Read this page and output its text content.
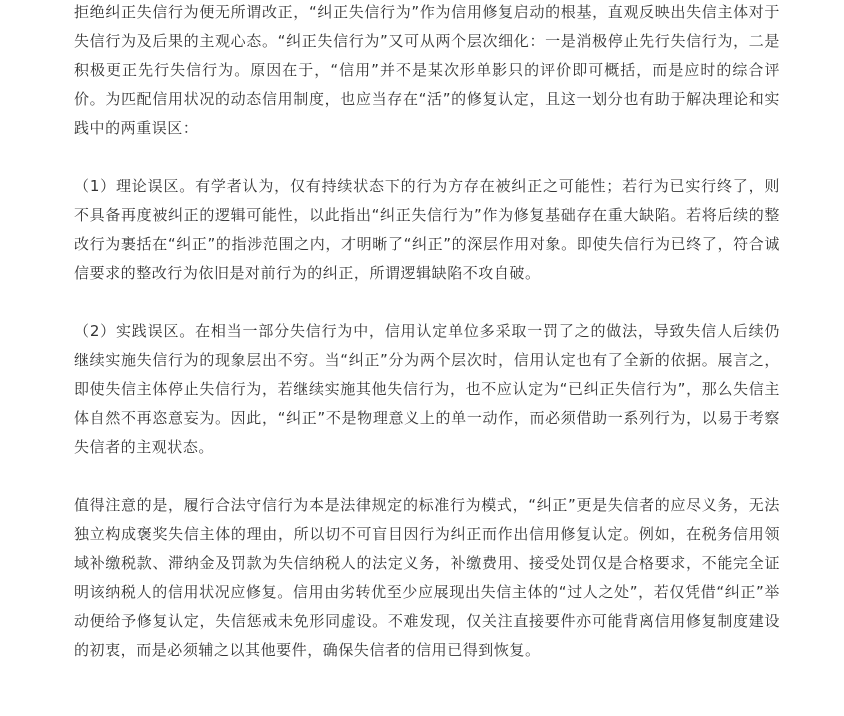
拒绝纠正失信行为便无所谓改正，“纠正失信行为”作为信用修复启动的根基，直观反映出失信主体对于失信行为及后果的主观心态。“纠正失信行为”又可从两个层次细化：一是消极停止先行失信行为，二是积极更正先行失信行为。原因在于，“信用”并不是某次形单影只的评价即可概括，而是应时的综合评价。为匹配信用状况的动态信用制度，也应当存在“活”的修复认定，且这一划分也有助于解决理论和实践中的两重误区：

（1）理论误区。有学者认为，仅有持续状态下的行为方存在被纠正之可能性；若行为已实行终了，则不具备再度被纠正的逻辑可能性，以此指出“纠正失信行为”作为修复基础存在重大缺陷。若将后续的整改行为裹括在“纠正”的指涉范围之内，才明晰了“纠正”的深层作用对象。即使失信行为已终了，符合诚信要求的整改行为依旧是对前行为的纠正，所谓逻辑缺陷不攻自破。

（2）实践误区。在相当一部分失信行为中，信用认定单位多采取一罚了之的做法，导致失信人后续仍继续实施失信行为的现象层出不穷。当“纠正”分为两个层次时，信用认定也有了全新的依据。展言之，即使失信主体停止失信行为，若继续实施其他失信行为，也不应认定为“已纠正失信行为”，那么失信主体自然不再恣意妄为。因此，“纠正”不是物理意义上的单一动作，而必须借助一系列行为，以易于考察失信者的主观状态。

值得注意的是，履行合法守信行为本是法律规定的标准行为模式，“纠正”更是失信者的应尽义务，无法独立构成褒奖失信主体的理由，所以切不可盲目因行为纠正而作出信用修复认定。例如，在税务信用领域补缴税款、滞纳金及罚款为失信纳税人的法定义务，补缴费用、接受处罚仅是合格要求，不能完全证明该纳税人的信用状况应修复。信用由劣转优至少应展现出失信主体的“过人之处”，若仅凭借“纠正”举动便给予修复认定，失信惩戒未免形同虚设。不难发现，仅关注直接要件亦可能背离信用修复制度建设的初衷，而是必须辅之以其他要件，确保失信者的信用已得到恢复。
